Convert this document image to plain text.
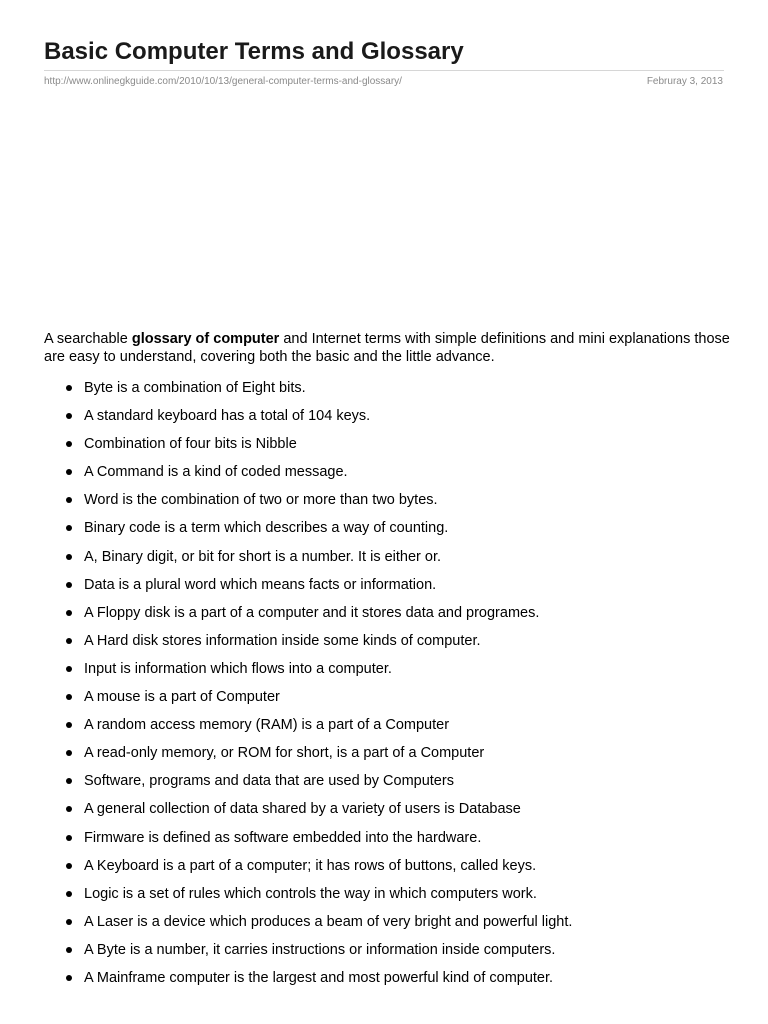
Basic Computer Terms and Glossary
http://www.onlinegkguide.com/2010/10/13/general-computer-terms-and-glossary/	Februray 3, 2013

A searchable glossary of computer and Internet terms with simple definitions and mini explanations those are easy to understand, covering both the basic and the little advance.

Byte is a combination of Eight bits.
A standard keyboard has a total of 104 keys.
Combination of four bits is Nibble
A Command is a kind of coded message.
Word is the combination of two or more than two bytes.
Binary code is a term which describes a way of counting.
A, Binary digit, or bit for short is a number. It is either or.
Data is a plural word which means facts or information.
A Floppy disk is a part of a computer and it stores data and programes.
A Hard disk stores information inside some kinds of computer.
Input is information which flows into a computer.
A mouse is a part of Computer
A random access memory (RAM) is a part of a Computer
A read-only memory, or ROM for short, is a part of a Computer
Software, programs and data that are used by Computers
A general collection of data shared by a variety of users is Database
Firmware is defined as software embedded into the hardware.
A Keyboard is a part of a computer; it has rows of buttons, called keys.
Logic is a set of rules which controls the way in which computers work.
A Laser is a device which produces a beam of very bright and powerful light.
A Byte is a number, it carries instructions or information inside computers.
A Mainframe computer is the largest and most powerful kind of computer.
